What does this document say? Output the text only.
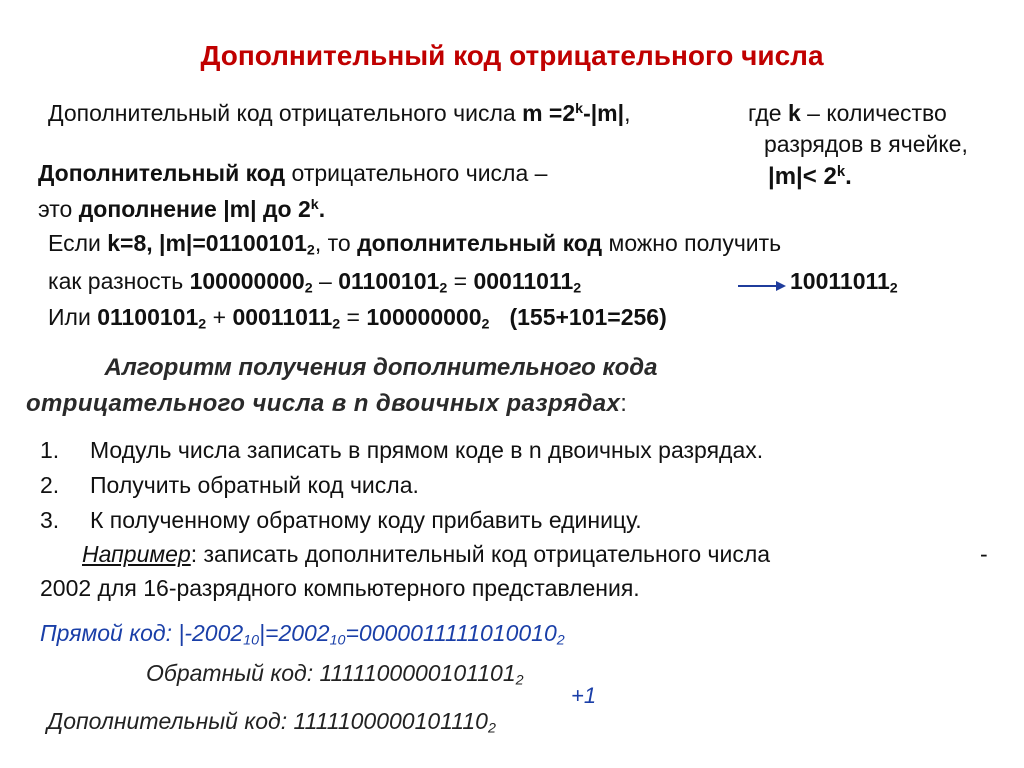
Дополнительный код отрицательного числа
Дополнительный код отрицательного числа $m =2^k-|m|$,	где k – количество
разрядов в ячейке,
$|m|< 2^k$.
Дополнительный код отрицательного числа –
это дополнение |m| до 2$^k$.
Если k=8, $|m|=01100101_2$, то дополнительный код можно получить
как разность $100000000_2 - 01100101_2 = 00011011_2$	$10011011_2$
Или $01100101_2 + 00011011_2 = 100000000_2$ (155+101=256)
Алгоритм получения дополнительного кода
отрицательного числа в n двоичных разрядах:
1. Модуль числа записать в прямом коде в n двоичных разрядах.
2. Получить обратный код числа.
3. К полученному обратному коду прибавить единицу.
Например: записать дополнительный код отрицательного числа	-
2002 для 16-разрядного компьютерного представления.
Прямой код: $|-2002_{10}|=2002_{10}=0000011111010010_2$
Обратный код: $1111100000101101_2$
+1
Дополнительный код: $1111100000101110_2$
